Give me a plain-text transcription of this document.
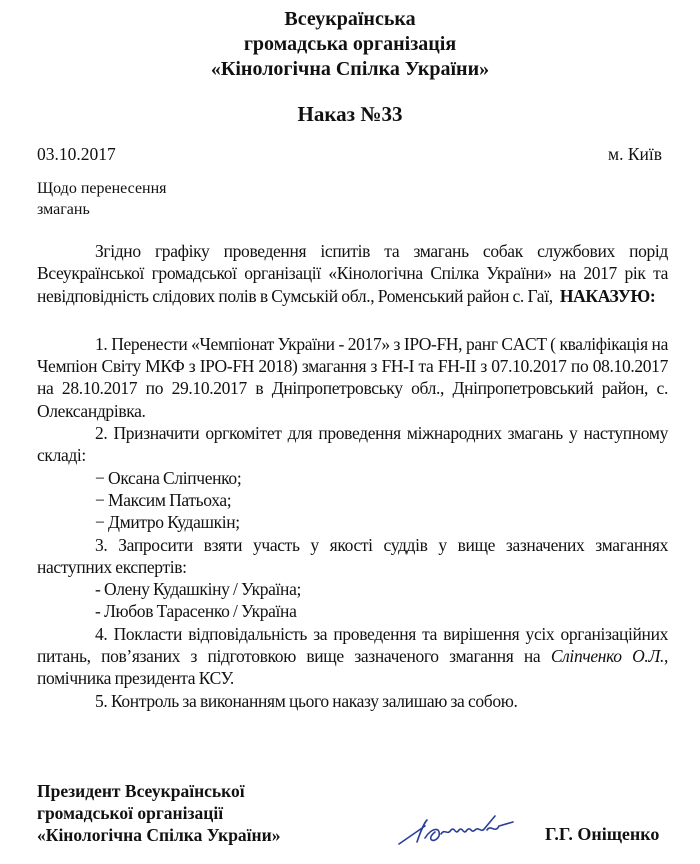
Всеукраїнська
громадська організація
«Кінологічна Спілка України»
Наказ №33
03.10.2017	м. Київ
Щодо перенесення
змагань

Згідно графіку проведення іспитів та змагань собак службових порід Всеукраїнської громадської організації «Кінологічна Спілка України» на 2017 рік та невідповідність слідових полів в Сумській обл., Роменський район с. Гаї, НАКАЗУЮ:

1. Перенести «Чемпіонат України - 2017» з IPO-FH, ранг CACT ( кваліфікація на Чемпіон Світу МКФ з IPO-FH 2018) змагання з FH-I та FH-II з 07.10.2017 по 08.10.2017 на 28.10.2017 по 29.10.2017 в Дніпропетровську обл., Дніпропетровський район, с. Олександрівка.

2. Призначити оргкомітет для проведення міжнародних змагань у наступному складі:

− Оксана Сліпченко;

− Максим Патьоха;

− Дмитро Кудашкін;

3. Запросити взяти участь у якості суддів у вище зазначених змаганнях наступних експертів:

- Олену Кудашкіну / Україна;

- Любов Тарасенко / Україна

4. Покласти відповідальність за проведення та вирішення усіх організаційних питань, пов’язаних з підготовкою вище зазначеного змагання на Сліпченко О.Л., помічника президента КСУ.

5. Контроль за виконанням цього наказу залишаю за собою.

Президент Всеукраїнської
громадської організації
«Кінологічна Спілка України»	Г.Г. Оніщенко
